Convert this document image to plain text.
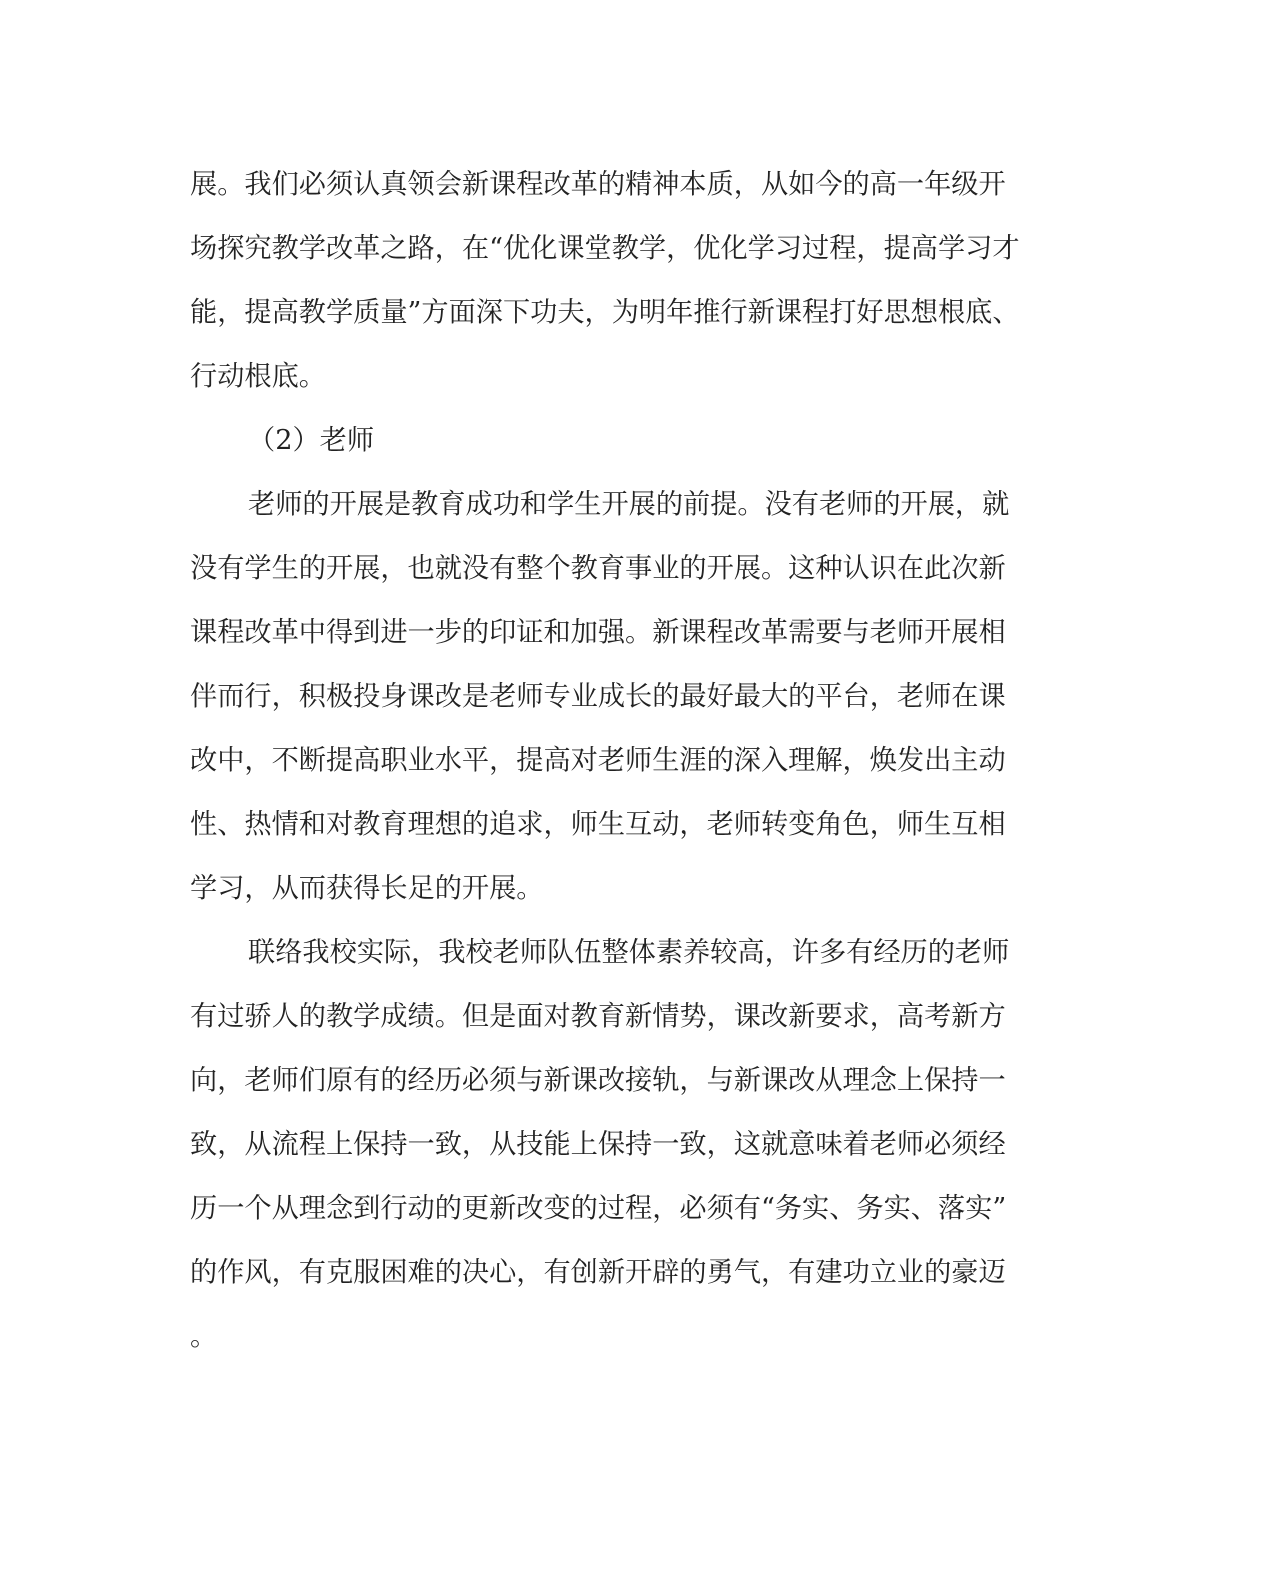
展。我们必须认真领会新课程改革的精神本质，从如今的高一年级开
场探究教学改革之路，在“优化课堂教学，优化学习过程，提高学习才
能，提高教学质量”方面深下功夫，为明年推行新课程打好思想根底、
行动根底。
（2）老师
老师的开展是教育成功和学生开展的前提。没有老师的开展，就
没有学生的开展，也就没有整个教育事业的开展。这种认识在此次新
课程改革中得到进一步的印证和加强。新课程改革需要与老师开展相
伴而行，积极投身课改是老师专业成长的最好最大的平台，老师在课
改中，不断提高职业水平，提高对老师生涯的深入理解，焕发出主动
性、热情和对教育理想的追求，师生互动，老师转变角色，师生互相
学习，从而获得长足的开展。
联络我校实际，我校老师队伍整体素养较高，许多有经历的老师
有过骄人的教学成绩。但是面对教育新情势，课改新要求，高考新方
向，老师们原有的经历必须与新课改接轨，与新课改从理念上保持一
致，从流程上保持一致，从技能上保持一致，这就意味着老师必须经
历一个从理念到行动的更新改变的过程，必须有“务实、务实、落实”
的作风，有克服困难的决心，有创新开辟的勇气，有建功立业的豪迈
。
